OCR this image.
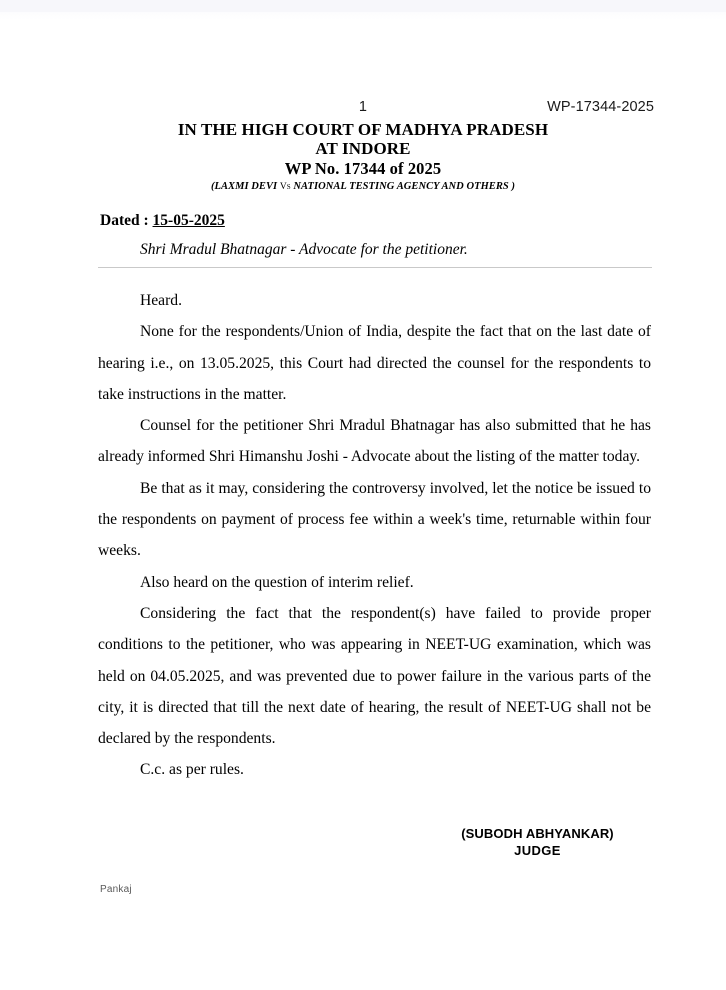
1	WP-17344-2025
IN THE HIGH COURT OF MADHYA PRADESH
AT INDORE
WP No. 17344 of 2025
(LAXMI DEVI Vs NATIONAL TESTING AGENCY AND OTHERS )
Dated : 15-05-2025
Shri Mradul Bhatnagar - Advocate for the petitioner.

Heard.

None for the respondents/Union of India, despite the fact that on the last date of hearing i.e., on 13.05.2025, this Court had directed the counsel for the respondents to take instructions in the matter.

Counsel for the petitioner Shri Mradul Bhatnagar has also submitted that he has already informed Shri Himanshu Joshi - Advocate about the listing of the matter today.

Be that as it may, considering the controversy involved, let the notice be issued to the respondents on payment of process fee within a week's time, returnable within four weeks.

Also heard on the question of interim relief.

Considering the fact that the respondent(s) have failed to provide proper conditions to the petitioner, who was appearing in NEET-UG examination, which was held on 04.05.2025, and was prevented due to power failure in the various parts of the city, it is directed that till the next date of hearing, the result of NEET-UG shall not be declared by the respondents.

C.c. as per rules.

(SUBODH ABHYANKAR)
JUDGE
Pankaj
